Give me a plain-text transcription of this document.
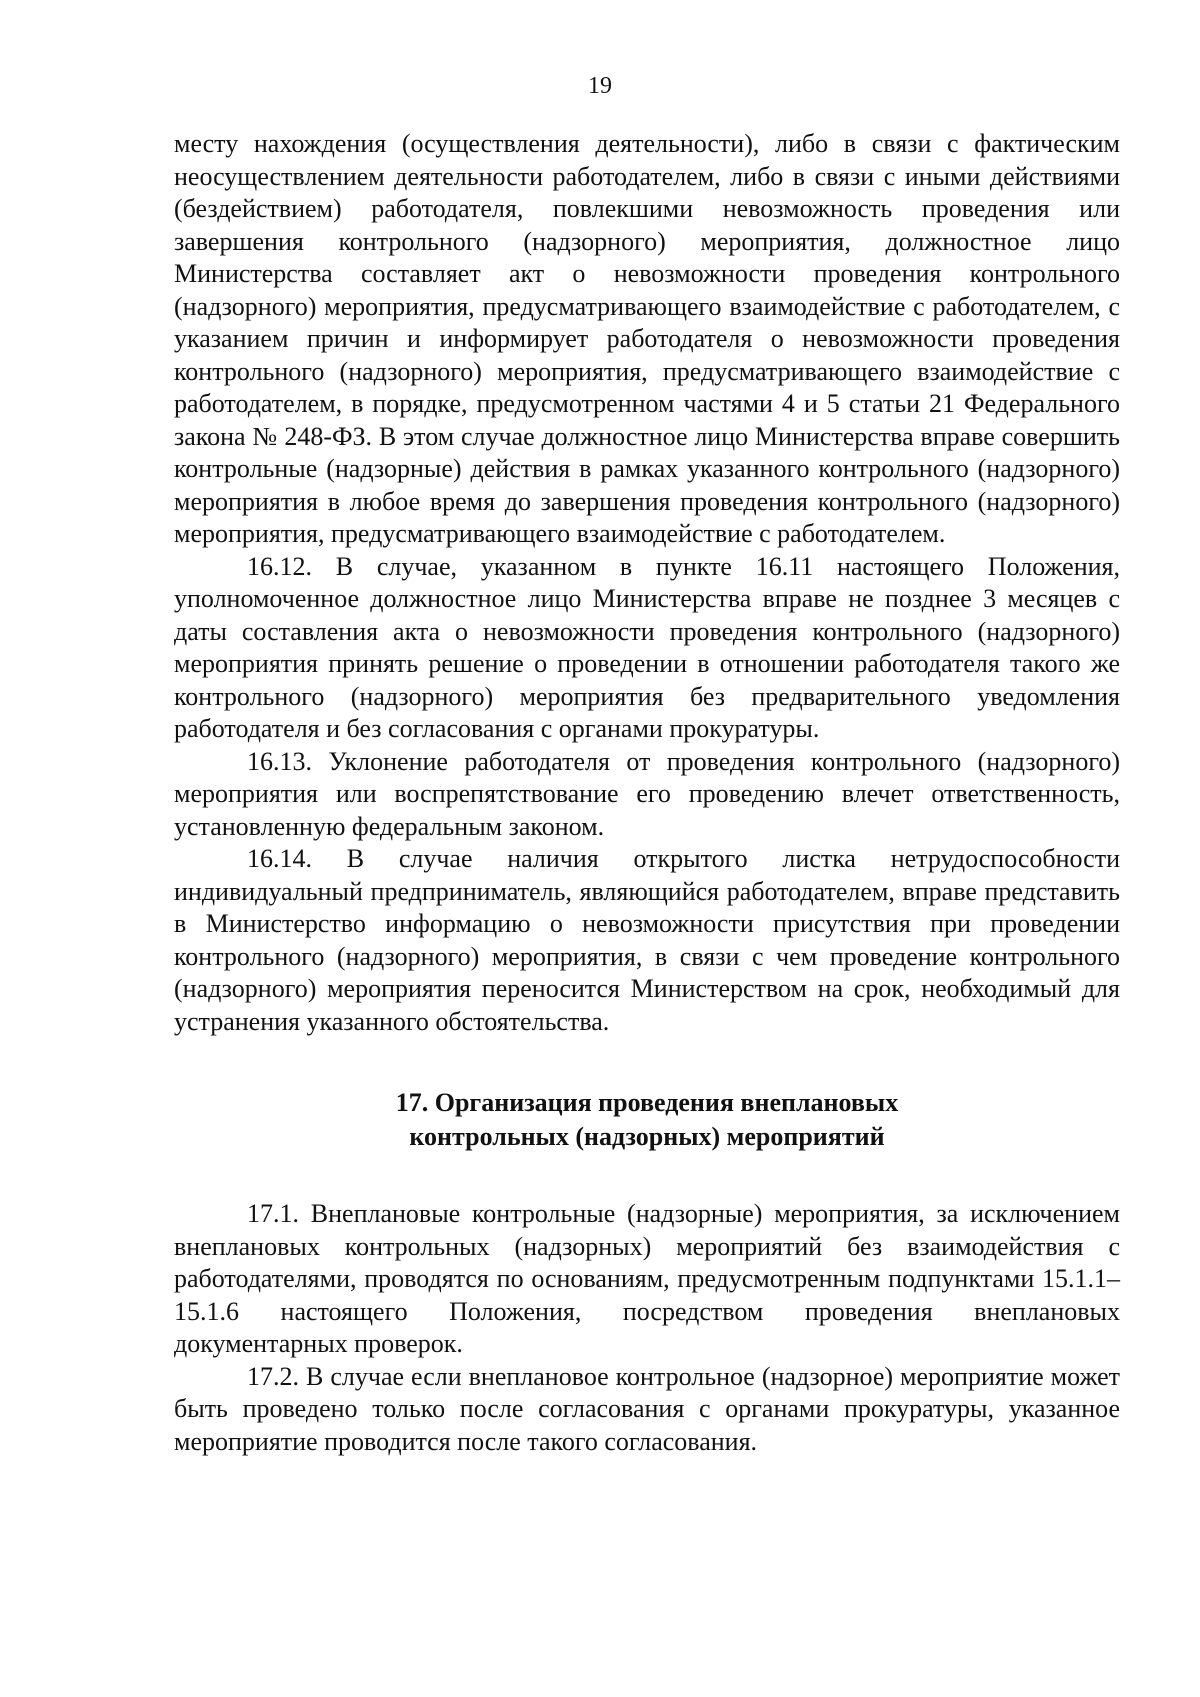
19

месту нахождения (осуществления деятельности), либо в связи с фактическим неосуществлением деятельности работодателем, либо в связи с иными действиями (бездействием) работодателя, повлекшими невозможность проведения или завершения контрольного (надзорного) мероприятия, должностное лицо Министерства составляет акт о невозможности проведения контрольного (надзорного) мероприятия, предусматривающего взаимодействие с работодателем, с указанием причин и информирует работодателя о невозможности проведения контрольного (надзорного) мероприятия, предусматривающего взаимодействие с работодателем, в порядке, предусмотренном частями 4 и 5 статьи 21 Федерального закона № 248-ФЗ. В этом случае должностное лицо Министерства вправе совершить контрольные (надзорные) действия в рамках указанного контрольного (надзорного) мероприятия в любое время до завершения проведения контрольного (надзорного) мероприятия, предусматривающего взаимодействие с работодателем.

16.12. В случае, указанном в пункте 16.11 настоящего Положения, уполномоченное должностное лицо Министерства вправе не позднее 3 месяцев с даты составления акта о невозможности проведения контрольного (надзорного) мероприятия принять решение о проведении в отношении работодателя такого же контрольного (надзорного) мероприятия без предварительного уведомления работодателя и без согласования с органами прокуратуры.

16.13. Уклонение работодателя от проведения контрольного (надзорного) мероприятия или воспрепятствование его проведению влечет ответственность, установленную федеральным законом.

16.14. В случае наличия открытого листка нетрудоспособности индивидуальный предприниматель, являющийся работодателем, вправе представить в Министерство информацию о невозможности присутствия при проведении контрольного (надзорного) мероприятия, в связи с чем проведение контрольного (надзорного) мероприятия переносится Министерством на срок, необходимый для устранения указанного обстоятельства.

17. Организация проведения внеплановых
контрольных (надзорных) мероприятий

17.1. Внеплановые контрольные (надзорные) мероприятия, за исключением внеплановых контрольных (надзорных) мероприятий без взаимодействия с работодателями, проводятся по основаниям, предусмотренным подпунктами 15.1.1–15.1.6 настоящего Положения, посредством проведения внеплановых документарных проверок.

17.2. В случае если внеплановое контрольное (надзорное) мероприятие может быть проведено только после согласования с органами прокуратуры, указанное мероприятие проводится после такого согласования.
